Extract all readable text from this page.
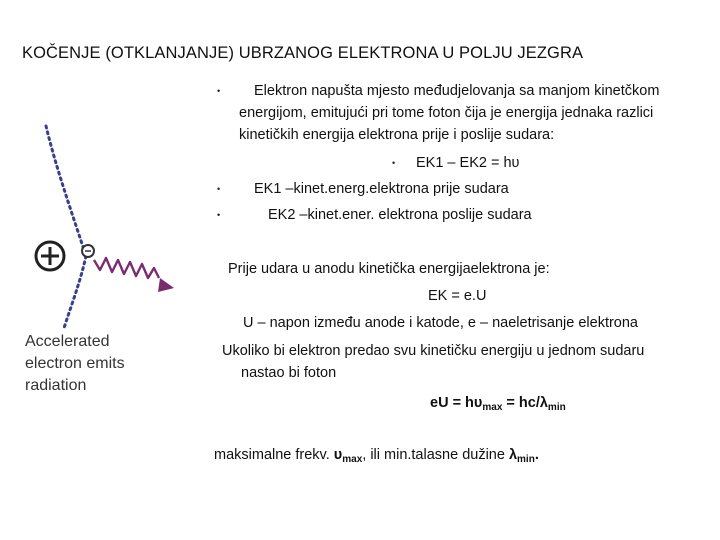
KOČENJE (OTKLANJANJE) UBRZANOG ELEKTRONA U POLJU JEZGRA
Accelerated
electron emits
radiation
• Elektron napušta mjesto međudjelovanja sa manjom kinetčkom
energijom, emitujući pri tome foton čija je energija jednaka razlici
kinetičkih energija elektrona prije i poslije sudara:
• EK1 – EK2 = hυ
• EK1 –kinet.energ.elektrona prije sudara
•	EK2 –kinet.ener. elektrona poslije sudara
Prije udara u anodu kinetička energijaelektrona je:
EK = e.U
U – napon između anode i katode, e – naeletrisanje elektrona
Ukoliko bi elektron predao svu kinetičku energiju u jednom sudaru
nastao bi foton
eU = $h\upsilon_{max} = hc/\lambda_{min}$
maksimalne frekv. $\upsilon_{max}$, ili min.talasne dužine $\lambda_{min}$.
